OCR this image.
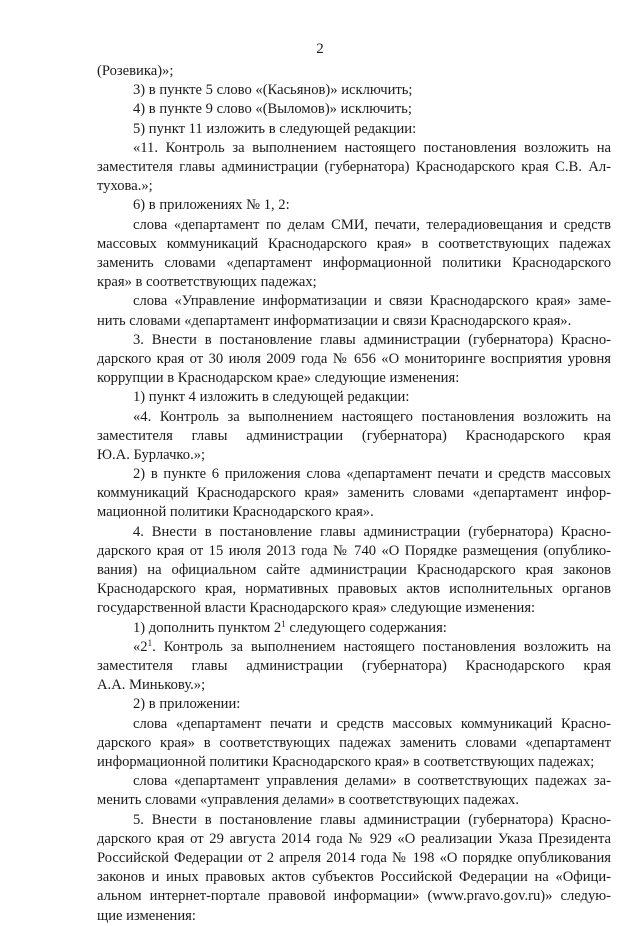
2

(Розевика)»;

3) в пункте 5 слово «(Касьянов)» исключить;

4) в пункте 9 слово «(Выломов)» исключить;

5) пункт 11 изложить в следующей редакции:

«11. Контроль за выполнением настоящего постановления возложить на

заместителя главы администрации (губернатора) Краснодарского края С.В. Ал-

тухова.»;

6) в приложениях № 1, 2:

слова «департамент по делам СМИ, печати, телерадиовещания и средств

массовых коммуникаций Краснодарского края» в соответствующих падежах

заменить словами «департамент информационной политики Краснодарского

края» в соответствующих падежах;

слова «Управление информатизации и связи Краснодарского края» заме-

нить словами «департамент информатизации и связи Краснодарского края».

3. Внести в постановление главы администрации (губернатора) Красно-

дарского края от 30 июля 2009 года № 656 «О мониторинге восприятия уровня

коррупции в Краснодарском крае» следующие изменения:

1) пункт 4 изложить в следующей редакции:

«4. Контроль за выполнением настоящего постановления возложить на

заместителя главы администрации (губернатора) Краснодарского края

Ю.А. Бурлачко.»;

2) в пункте 6 приложения слова «департамент печати и средств массовых

коммуникаций Краснодарского края» заменить словами «департамент инфор-

мационной политики Краснодарского края».

4. Внести в постановление главы администрации (губернатора) Красно-

дарского края от 15 июля 2013 года № 740 «О Порядке размещения (опублико-

вания) на официальном сайте администрации Краснодарского края законов

Краснодарского края, нормативных правовых актов исполнительных органов

государственной власти Краснодарского края» следующие изменения:

1) дополнить пунктом $2^1$ следующего содержания:

«$2^1$. Контроль за выполнением настоящего постановления возложить на

заместителя главы администрации (губернатора) Краснодарского края

А.А. Минькову.»;

2) в приложении:

слова «департамент печати и средств массовых коммуникаций Красно-

дарского края» в соответствующих падежах заменить словами «департамент

информационной политики Краснодарского края» в соответствующих падежах;

слова «департамент управления делами» в соответствующих падежах за-

менить словами «управления делами» в соответствующих падежах.

5. Внести в постановление главы администрации (губернатора) Красно-

дарского края от 29 августа 2014 года № 929 «О реализации Указа Президента

Российской Федерации от 2 апреля 2014 года № 198 «О порядке опубликования

законов и иных правовых актов субъектов Российской Федерации на «Офици-

альном интернет-портале правовой информации» (www.pravo.gov.ru)» следую-

щие изменения:
